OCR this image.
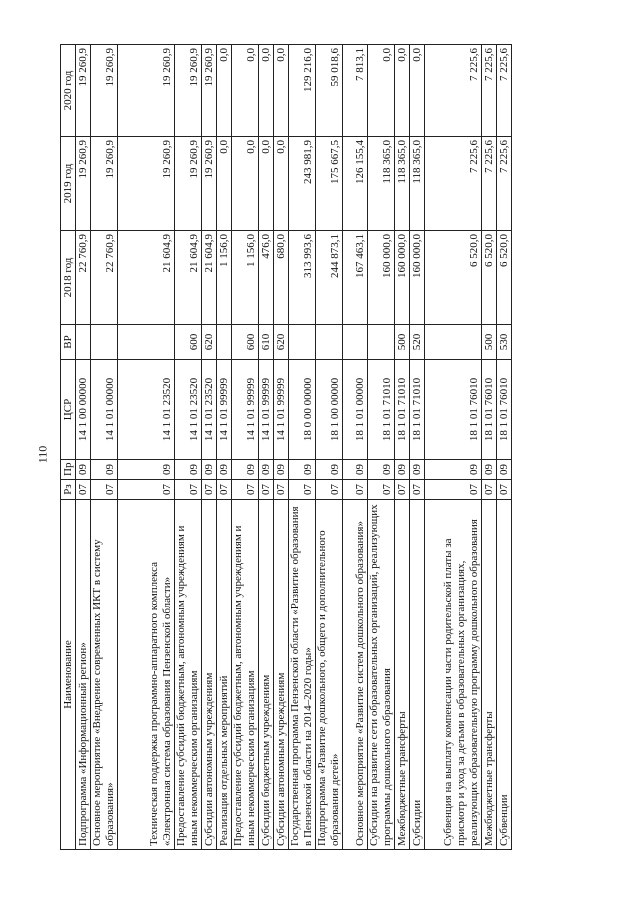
110
Наименование	Рз	Пр	ЦСР	ВР	2018 год	2019 год	2020 год
Подпрограмма «Информационный регион»	07	09	14 1 00 00000		22 760,9	19 260,9	19 260,9
Основное мероприятие «Внедрение современных ИКТ в систему образования»	07	09	14 1 01 00000		22 760,9	19 260,9	19 260,9
Техническая поддержка программно-аппаратного комплекса «Электронная система образования Пензенской области»	07	09	14 1 01 23520		21 604,9	19 260,9	19 260,9
Предоставление субсидий бюджетным, автономным учреждениям и иным некоммерческим организациям	07	09	14 1 01 23520	600	21 604,9	19 260,9	19 260,9
Субсидии автономным учреждениям	07	09	14 1 01 23520	620	21 604,9	19 260,9	19 260,9
Реализация отдельных мероприятий	07	09	14 1 01 99999		1 156,0	0,0	0,0
Предоставление субсидий бюджетным, автономным учреждениям и иным некоммерческим организациям	07	09	14 1 01 99999	600	1 156,0	0,0	0,0
Субсидии бюджетным учреждениям	07	09	14 1 01 99999	610	476,0	0,0	0,0
Субсидии автономным учреждениям	07	09	14 1 01 99999	620	680,0	0,0	0,0
Государственная программа Пензенской области «Развитие образования в Пензенской области на 2014–2020 годы»	07	09	18 0 00 00000		313 993,6	243 981,9	129 216,0
Подпрограмма «Развитие дошкольного, общего и дополнительного образования детей»	07	09	18 1 00 00000		244 873,1	175 667,5	59 018,6
Основное мероприятие «Развитие систем дошкольного образования»	07	09	18 1 01 00000		167 463,1	126 155,4	7 813,1
Субсидии на развитие сети образовательных организаций, реализующих программы дошкольного образования	07	09	18 1 01 71010		160 000,0	118 365,0	0,0
Межбюджетные трансферты	07	09	18 1 01 71010	500	160 000,0	118 365,0	0,0
Субсидии	07	09	18 1 01 71010	520	160 000,0	118 365,0	0,0
Субвенция на выплату компенсации части родительской платы за присмотр и уход за детьми в образовательных организациях, реализующих образовательную программу дошкольного образования	07	09	18 1 01 76010		6 520,0	7 225,6	7 225,6
Межбюджетные трансферты	07	09	18 1 01 76010	500	6 520,0	7 225,6	7 225,6
Субвенции	07	09	18 1 01 76010	530	6 520,0	7 225,6	7 225,6
